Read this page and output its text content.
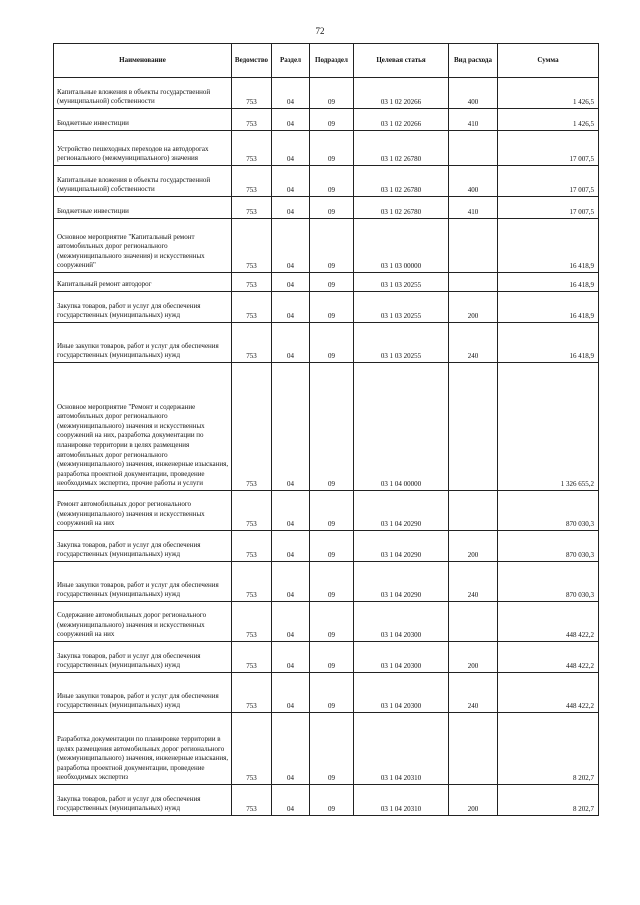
72
Наименование	Ведомство	Раздел	Подраздел	Целевая статья	Вид расхода	Сумма
Капитальные вложения в объекты государственной (муниципальной) собственности	753	04	09	03 1 02 20266	400	1 426,5
Бюджетные инвестиции	753	04	09	03 1 02 20266	410	1 426,5
Устройство пешеходных переходов на автодорогах регионального (межмуниципального) значения	753	04	09	03 1 02 26780		17 007,5
Капитальные вложения в объекты государственной (муниципальной) собственности	753	04	09	03 1 02 26780	400	17 007,5
Бюджетные инвестиции	753	04	09	03 1 02 26780	410	17 007,5
Основное мероприятие "Капитальный ремонт автомобильных дорог регионального (межмуниципального значения) и искусственных сооружений"	753	04	09	03 1 03 00000		16 418,9
Капитальный ремонт автодорог	753	04	09	03 1 03 20255		16 418,9
Закупка товаров, работ и услуг для обеспечения государственных (муниципальных) нужд	753	04	09	03 1 03 20255	200	16 418,9
Иные закупки товаров, работ и услуг для обеспечения государственных (муниципальных) нужд	753	04	09	03 1 03 20255	240	16 418,9
Основное мероприятие "Ремонт и содержание автомобильных дорог регионального (межмуниципального) значения и искусственных сооружений на них, разработка документации по планировке территории в целях размещения автомобильных дорог регионального (межмуниципального) значения, инженерные изыскания, разработка проектной документации, проведение необходимых экспертиз, прочие работы и услуги	753	04	09	03 1 04 00000		1 326 655,2
Ремонт автомобильных дорог регионального (межмуниципального) значения и искусственных сооружений на них	753	04	09	03 1 04 20290		870 030,3
Закупка товаров, работ и услуг для обеспечения государственных (муниципальных) нужд	753	04	09	03 1 04 20290	200	870 030,3
Иные закупки товаров, работ и услуг для обеспечения государственных (муниципальных) нужд	753	04	09	03 1 04 20290	240	870 030,3
Содержание автомобильных дорог регионального (межмуниципального) значения и искусственных сооружений на них	753	04	09	03 1 04 20300		448 422,2
Закупка товаров, работ и услуг для обеспечения государственных (муниципальных) нужд	753	04	09	03 1 04 20300	200	448 422,2
Иные закупки товаров, работ и услуг для обеспечения государственных (муниципальных) нужд	753	04	09	03 1 04 20300	240	448 422,2
Разработка документации по планировке территории в целях размещения автомобильных дорог регионального (межмуниципального) значения, инженерные изыскания, разработка проектной документации, проведение необходимых экспертиз	753	04	09	03 1 04 20310		8 202,7
Закупка товаров, работ и услуг для обеспечения государственных (муниципальных) нужд	753	04	09	03 1 04 20310	200	8 202,7
